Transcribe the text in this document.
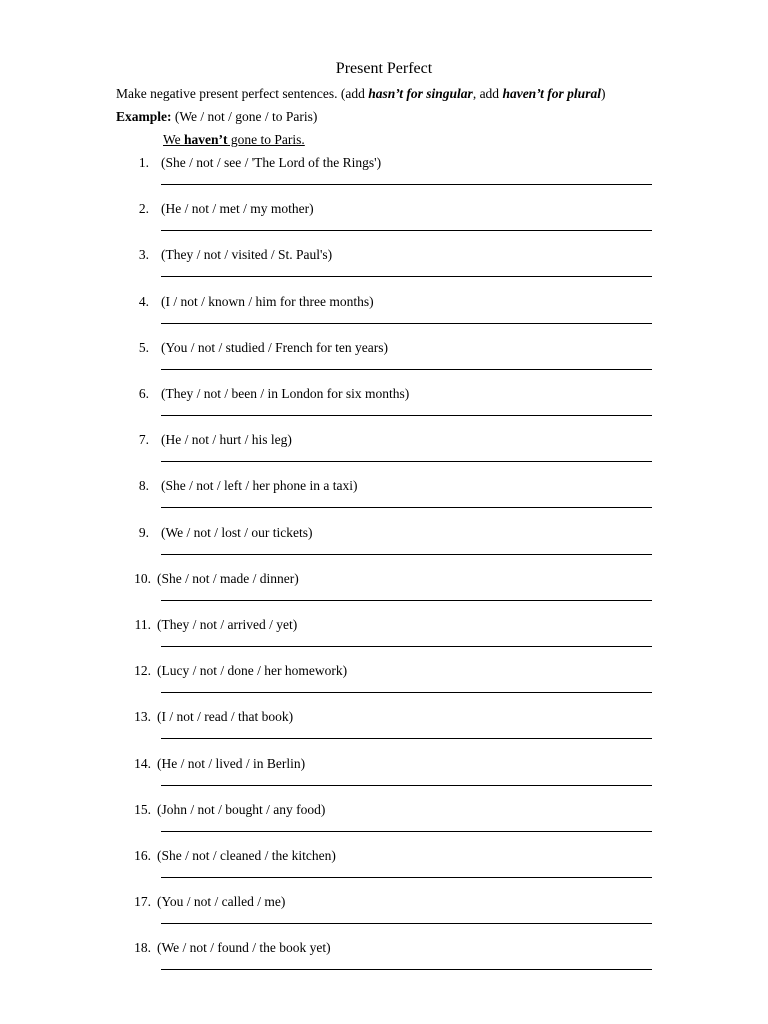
Present Perfect
Make negative present perfect sentences. (add hasn’t for singular, add haven’t for plural)
Example: (We / not / gone / to Paris)
We haven’t gone to Paris.
1. (She / not / see / 'The Lord of the Rings')
2. (He / not / met / my mother)
3. (They / not / visited / St. Paul's)
4. (I / not / known / him for three months)
5. (You / not / studied / French for ten years)
6. (They / not / been / in London for six months)
7. (He / not / hurt / his leg)
8. (She / not / left / her phone in a taxi)
9. (We / not / lost / our tickets)
10. (She / not / made / dinner)
11. (They / not / arrived / yet)
12. (Lucy / not / done / her homework)
13. (I / not / read / that book)
14. (He / not / lived / in Berlin)
15. (John / not / bought / any food)
16. (She / not / cleaned / the kitchen)
17. (You / not / called / me)
18. (We / not / found / the book yet)
